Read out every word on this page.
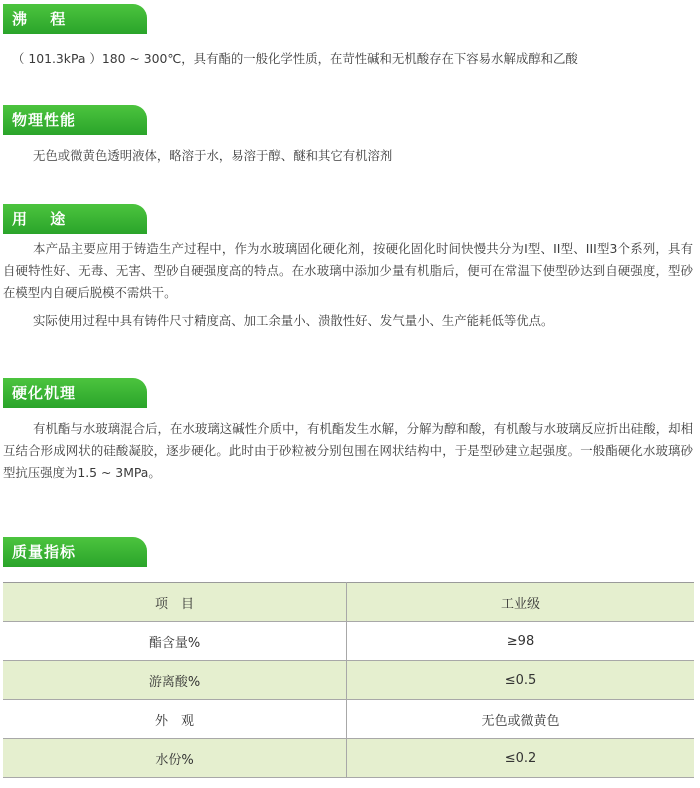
沸 程
（ 101.3kPa ）180 ~ 300℃，具有酯的一般化学性质，在苛性碱和无机酸存在下容易水解成醇和乙酸
物理性能
无色或微黄色透明液体，略溶于水，易溶于醇、醚和其它有机溶剂
用 途
本产品主要应用于铸造生产过程中，作为水玻璃固化硬化剂，按硬化固化时间快慢共分为I型、II型、III型3个系列，具有自硬特性好、无毒、无害、型砂自硬强度高的特点。在水玻璃中添加少量有机脂后，便可在常温下使型砂达到自硬强度，型砂在模型内自硬后脱模不需烘干。
实际使用过程中具有铸件尺寸精度高、加工余量小、溃散性好、发气量小、生产能耗低等优点。
硬化机理
有机酯与水玻璃混合后，在水玻璃这碱性介质中，有机酯发生水解，分解为醇和酸，有机酸与水玻璃反应折出硅酸，却相互结合形成网状的硅酸凝胶，逐步硬化。此时由于砂粒被分别包围在网状结构中，于是型砂建立起强度。一般酯硬化水玻璃砂型抗压强度为1.5 ~ 3MPa。
质量指标
项　目	工业级
酯含量%	≥98
游离酸%	≤0.5
外　观	无色或微黄色
水份%	≤0.2
